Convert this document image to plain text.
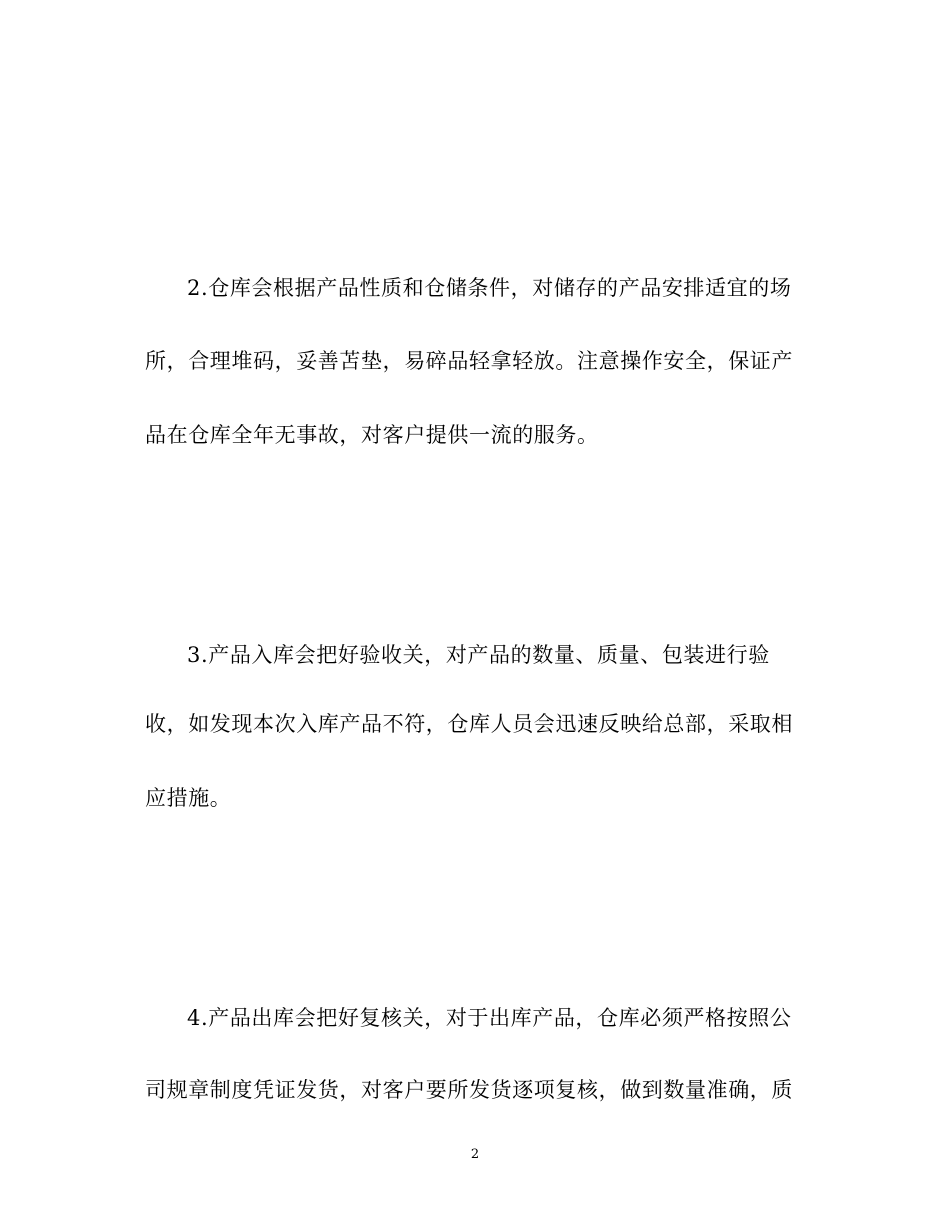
2.仓库会根据产品性质和仓储条件，对储存的产品安排适宜的场
所，合理堆码，妥善苫垫，易碎品轻拿轻放。注意操作安全，保证产
品在仓库全年无事故，对客户提供一流的服务。
3.产品入库会把好验收关，对产品的数量、质量、包装进行验
收，如发现本次入库产品不符，仓库人员会迅速反映给总部，采取相
应措施。
4.产品出库会把好复核关，对于出库产品，仓库必须严格按照公
司规章制度凭证发货，对客户要所发货逐项复核，做到数量准确，质
2
